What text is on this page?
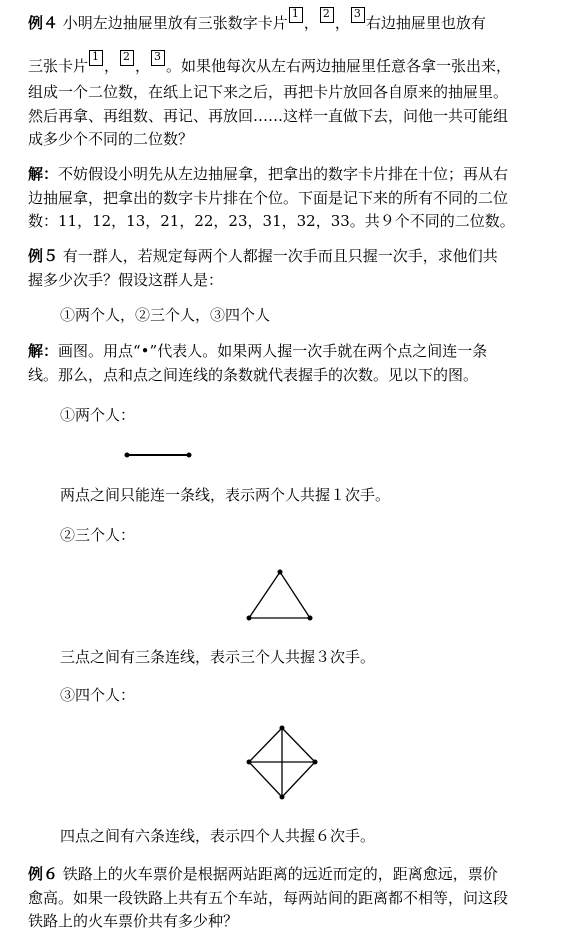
例４ 小明左边抽屉里放有三张数字卡片1，2，3右边抽屉里也放有
三张卡片1，2，3。如果他每次从左右两边抽屉里任意各拿一张出来，
组成一个二位数，在纸上记下来之后，再把卡片放回各自原来的抽屉里。
然后再拿、再组数、再记、再放回……这样一直做下去，问他一共可能组
成多少个不同的二位数？
解：不妨假设小明先从左边抽屉拿，把拿出的数字卡片排在十位；再从右
边抽屉拿，把拿出的数字卡片排在个位。下面是记下来的所有不同的二位
数：11，12，13，21，22，23，31，32，33。共９个不同的二位数。
例５ 有一群人，若规定每两个人都握一次手而且只握一次手，求他们共
握多少次手？假设这群人是：
①两个人，②三个人，③四个人
解：画图。用点“•”代表人。如果两人握一次手就在两个点之间连一条
线。那么，点和点之间连线的条数就代表握手的次数。见以下的图。
①两个人：
两点之间只能连一条线，表示两个人共握１次手。
②三个人：
三点之间有三条连线，表示三个人共握３次手。
③四个人：
四点之间有六条连线，表示四个人共握６次手。
例６ 铁路上的火车票价是根据两站距离的远近而定的，距离愈远，票价
愈高。如果一段铁路上共有五个车站，每两站间的距离都不相等，问这段
铁路上的火车票价共有多少种？
